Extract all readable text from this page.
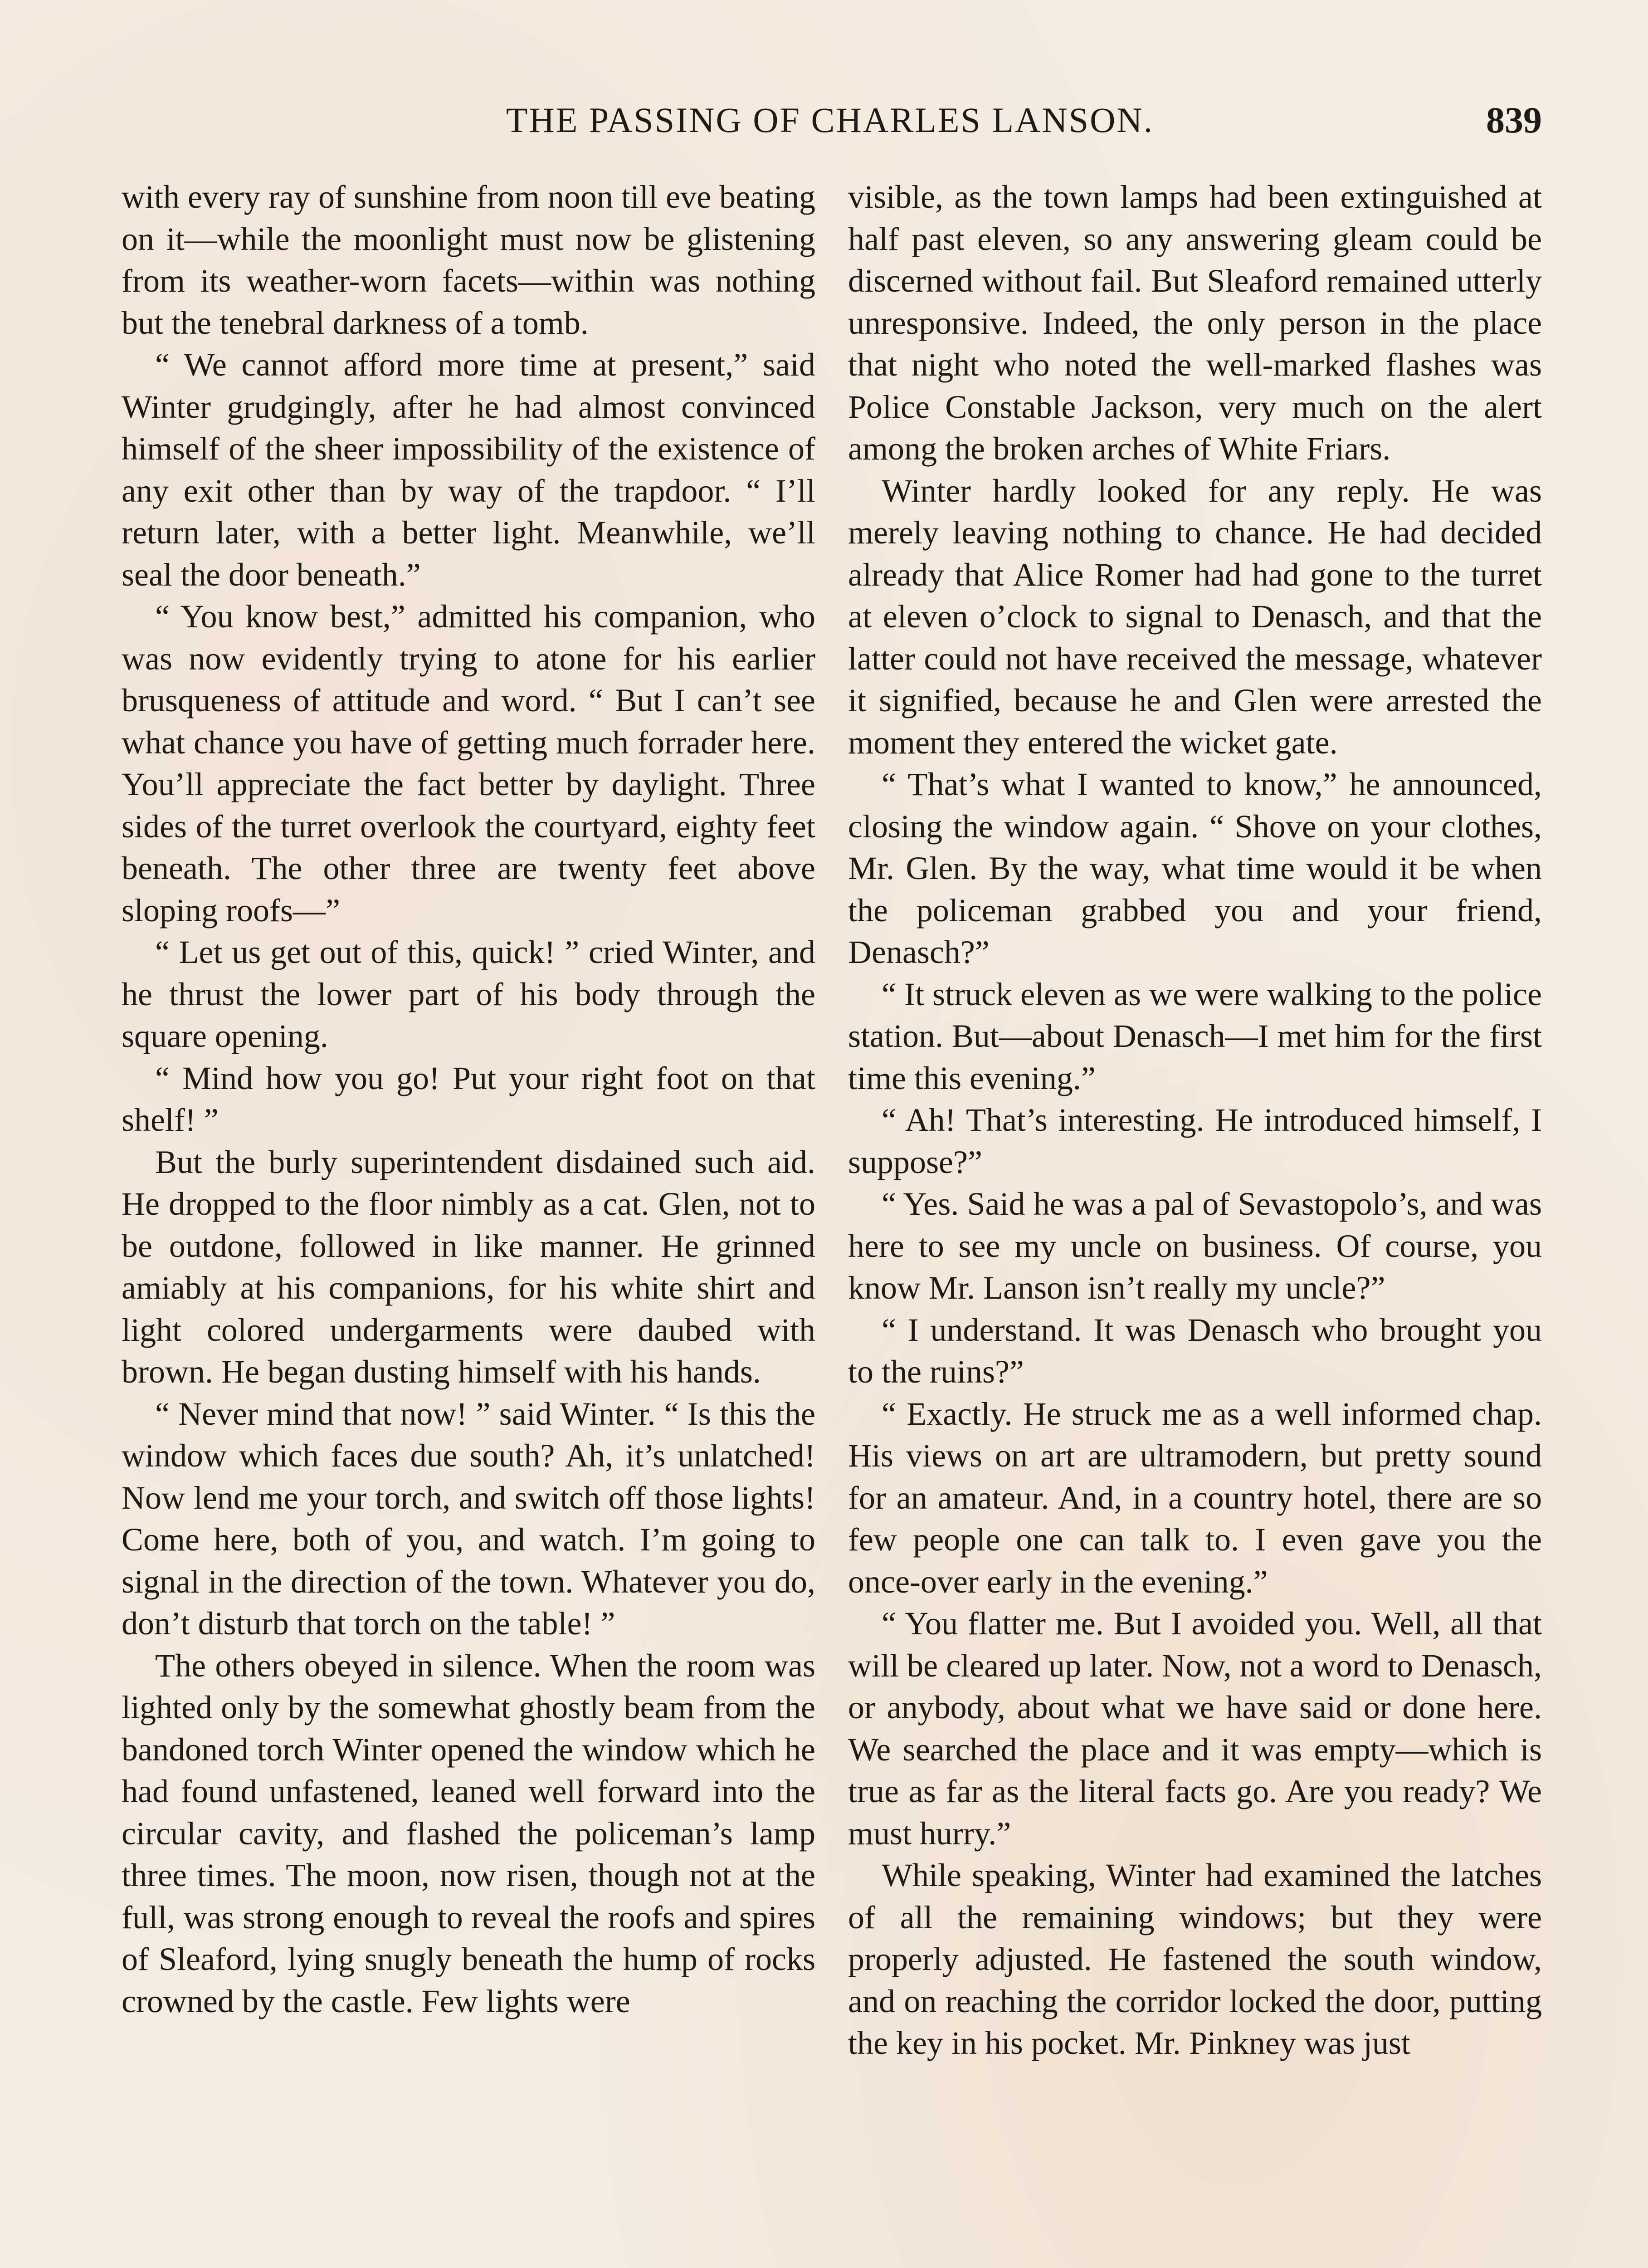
THE PASSING OF CHARLES LANSON.	839

with every ray of sunshine from noon till eve beating on it—while the moonlight must now be glistening from its weather-worn facets—within was nothing but the tenebral darkness of a tomb.

“ We cannot afford more time at present,” said Winter grudgingly, after he had almost convinced himself of the sheer impossibility of the existence of any exit other than by way of the trapdoor. “ I’ll return later, with a better light. Meanwhile, we’ll seal the door beneath.”

“ You know best,” admitted his companion, who was now evidently trying to atone for his earlier brusqueness of attitude and word. “ But I can’t see what chance you have of getting much forrader here. You’ll appreciate the fact better by daylight. Three sides of the turret overlook the courtyard, eighty feet beneath. The other three are twenty feet above sloping roofs—”

“ Let us get out of this, quick! ” cried Winter, and he thrust the lower part of his body through the square opening.

“ Mind how you go! Put your right foot on that shelf! ”

But the burly superintendent disdained such aid. He dropped to the floor nimbly as a cat. Glen, not to be outdone, followed in like manner. He grinned amiably at his companions, for his white shirt and light colored undergarments were daubed with brown. He began dusting himself with his hands.

“ Never mind that now! ” said Winter. “ Is this the window which faces due south? Ah, it’s unlatched! Now lend me your torch, and switch off those lights! Come here, both of you, and watch. I’m going to signal in the direction of the town. Whatever you do, don’t disturb that torch on the table! ”

The others obeyed in silence. When the room was lighted only by the somewhat ghostly beam from the bandoned torch Winter opened the window which he had found unfastened, leaned well forward into the circular cavity, and flashed the policeman’s lamp three times. The moon, now risen, though not at the full, was strong enough to reveal the roofs and spires of Sleaford, lying snugly beneath the hump of rocks crowned by the castle. Few lights were

visible, as the town lamps had been extinguished at half past eleven, so any answering gleam could be discerned without fail. But Sleaford remained utterly unresponsive. Indeed, the only person in the place that night who noted the well-marked flashes was Police Constable Jackson, very much on the alert among the broken arches of White Friars.

Winter hardly looked for any reply. He was merely leaving nothing to chance. He had decided already that Alice Romer had had gone to the turret at eleven o’clock to signal to Denasch, and that the latter could not have received the message, whatever it signified, because he and Glen were arrested the moment they entered the wicket gate.

“ That’s what I wanted to know,” he announced, closing the window again. “ Shove on your clothes, Mr. Glen. By the way, what time would it be when the policeman grabbed you and your friend, Denasch?”

“ It struck eleven as we were walking to the police station. But—about Denasch—I met him for the first time this evening.”

“ Ah! That’s interesting. He introduced himself, I suppose?”

“ Yes. Said he was a pal of Sevastopolo’s, and was here to see my uncle on business. Of course, you know Mr. Lanson isn’t really my uncle?”

“ I understand. It was Denasch who brought you to the ruins?”

“ Exactly. He struck me as a well informed chap. His views on art are ultramodern, but pretty sound for an amateur. And, in a country hotel, there are so few people one can talk to. I even gave you the once-over early in the evening.”

“ You flatter me. But I avoided you. Well, all that will be cleared up later. Now, not a word to Denasch, or anybody, about what we have said or done here. We searched the place and it was empty—which is true as far as the literal facts go. Are you ready? We must hurry.”

While speaking, Winter had examined the latches of all the remaining windows; but they were properly adjusted. He fastened the south window, and on reaching the corridor locked the door, putting the key in his pocket. Mr. Pinkney was just
